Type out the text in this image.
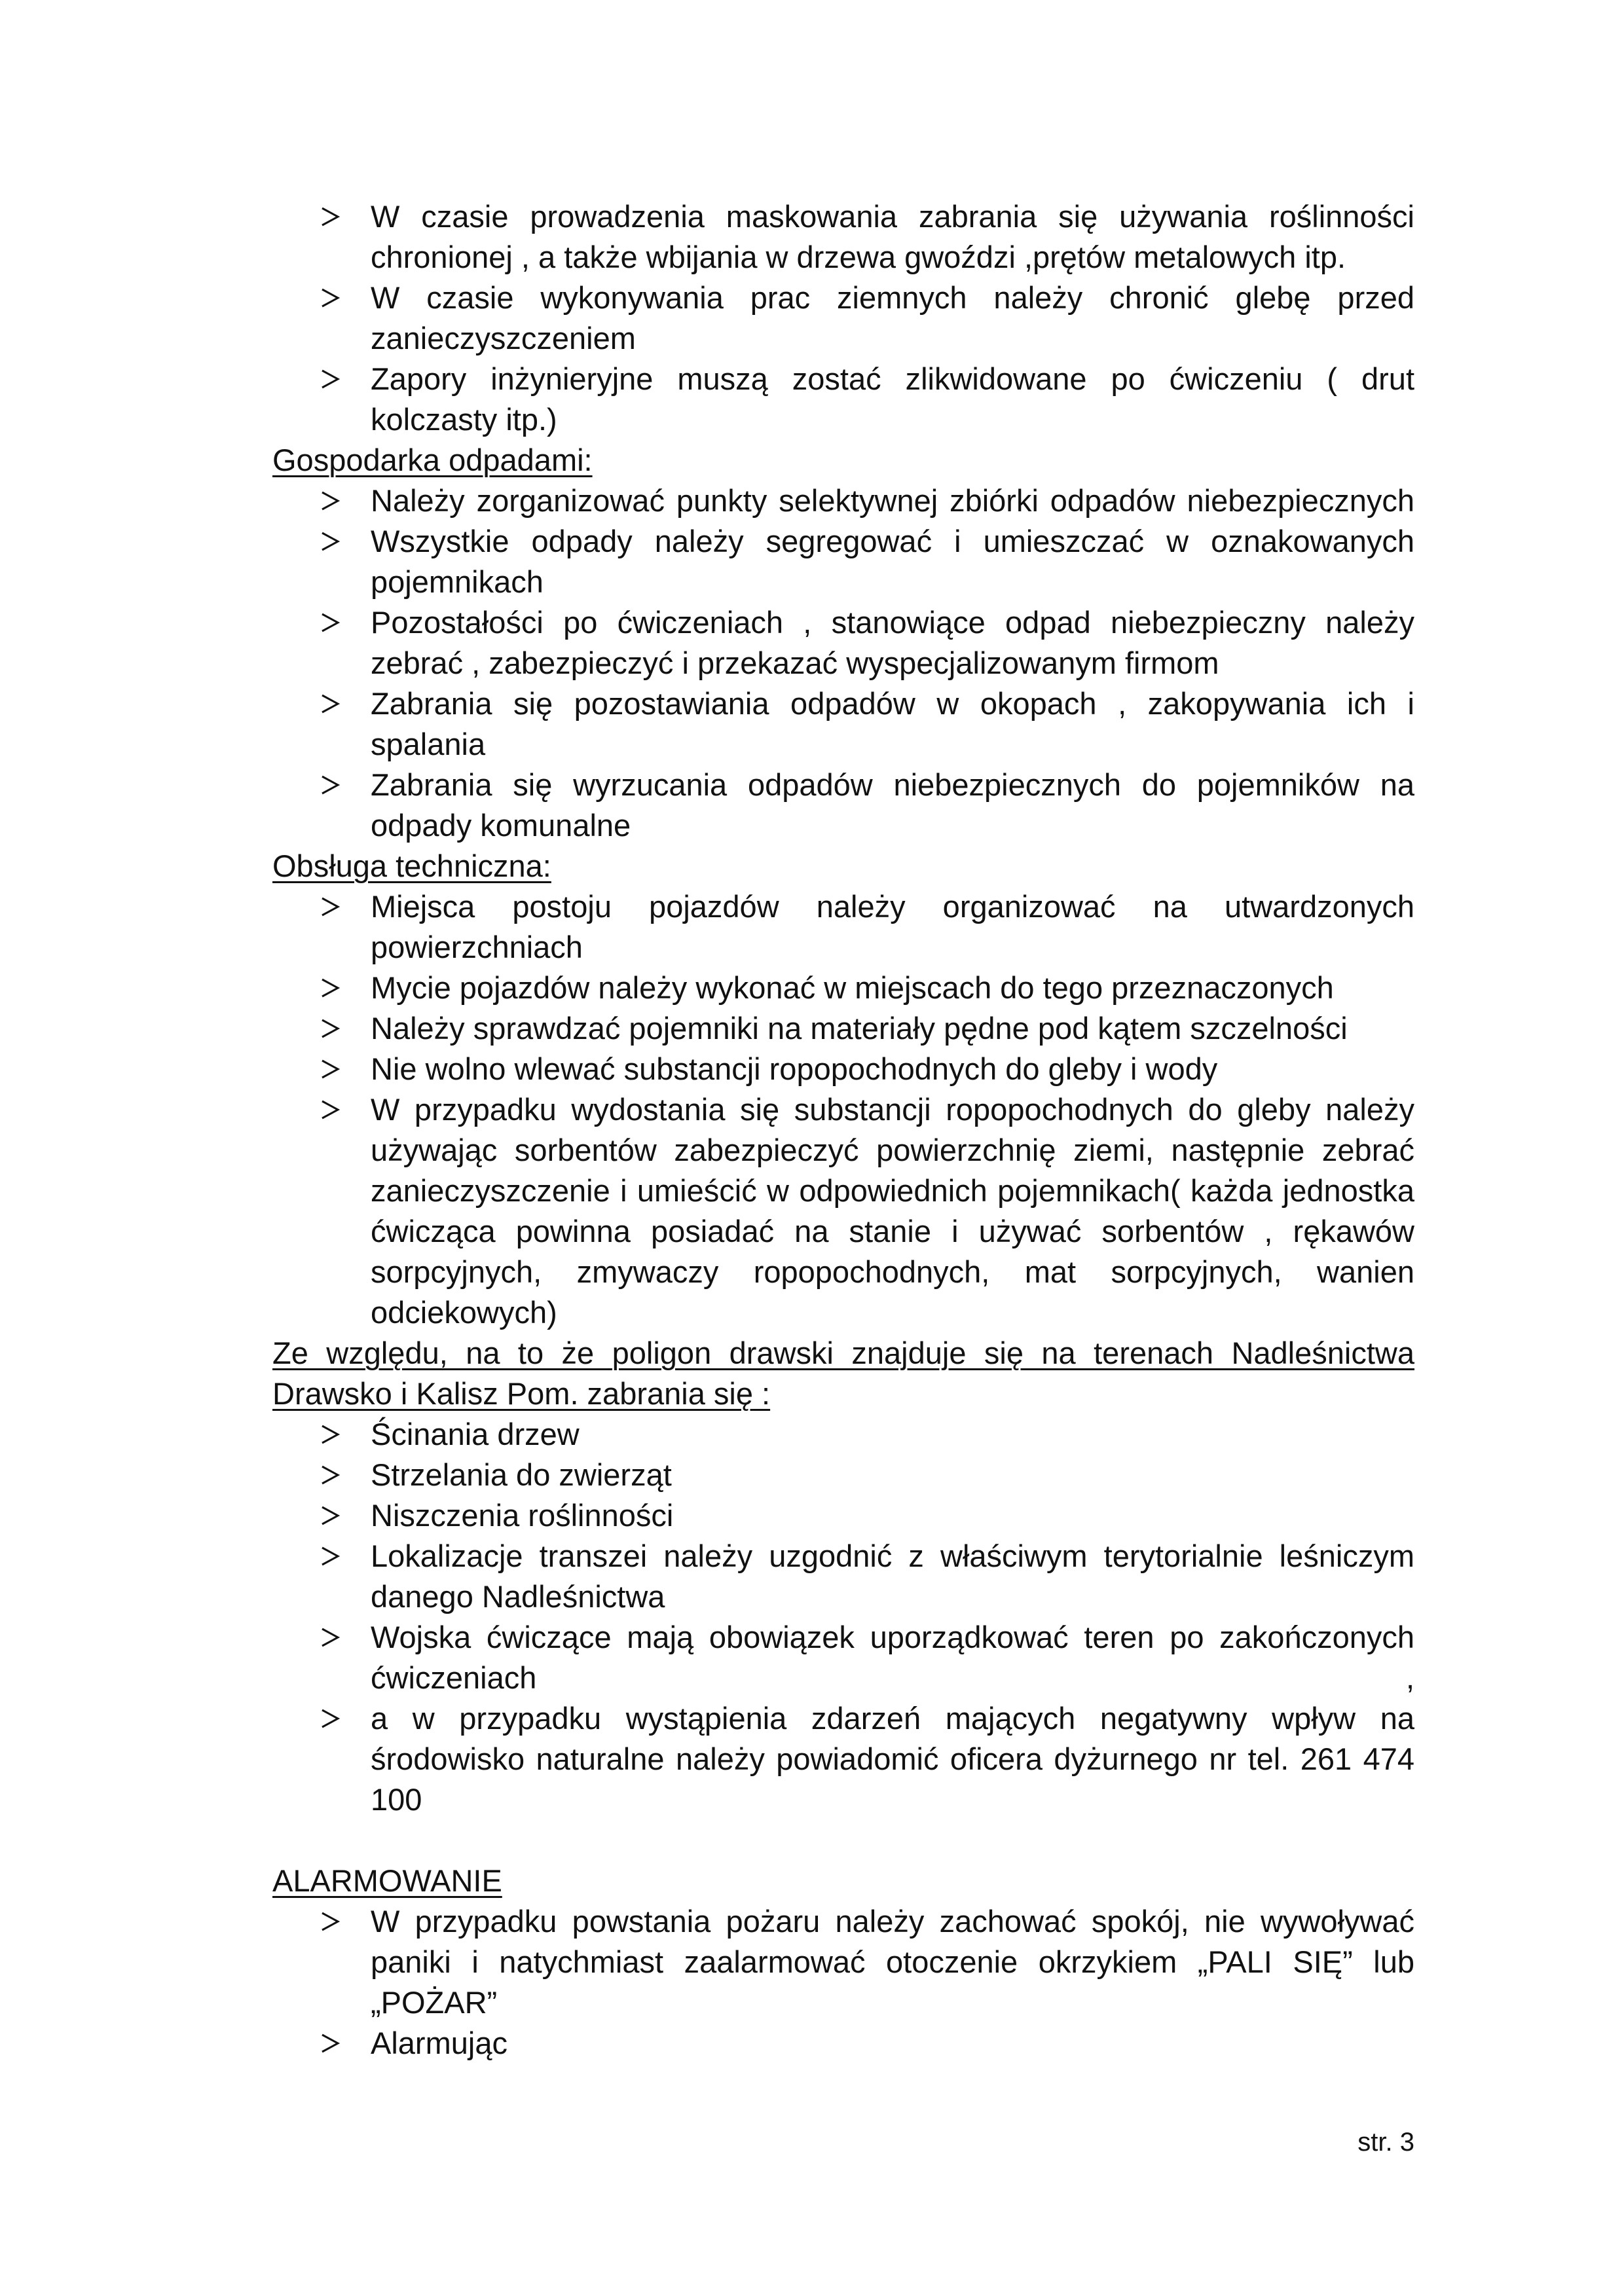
W czasie prowadzenia maskowania zabrania się używania roślinności chronionej , a także wbijania w drzewa gwoździ ,prętów metalowych itp.
W czasie wykonywania prac ziemnych należy chronić glebę przed zanieczyszczeniem
Zapory inżynieryjne muszą zostać zlikwidowane po ćwiczeniu ( drut kolczasty itp.)

Gospodarka odpadami:

Należy zorganizować punkty selektywnej zbiórki odpadów niebezpiecznych
Wszystkie odpady należy segregować i umieszczać w oznakowanych pojemnikach
Pozostałości po ćwiczeniach , stanowiące odpad niebezpieczny należy zebrać , zabezpieczyć i przekazać wyspecjalizowanym firmom
Zabrania się pozostawiania odpadów w okopach , zakopywania ich i spalania
Zabrania się wyrzucania odpadów niebezpiecznych do pojemników na odpady komunalne

Obsługa techniczna:

Miejsca postoju pojazdów należy organizować na utwardzonych powierzchniach
Mycie pojazdów należy wykonać w miejscach do tego przeznaczonych
Należy sprawdzać pojemniki na materiały pędne pod kątem szczelności
Nie wolno wlewać substancji ropopochodnych do gleby i wody
W przypadku wydostania się substancji ropopochodnych do gleby należy używając sorbentów zabezpieczyć powierzchnię ziemi, następnie zebrać zanieczyszczenie i umieścić w odpowiednich pojemnikach( każda jednostka ćwicząca powinna posiadać na stanie i używać sorbentów , rękawów sorpcyjnych, zmywaczy ropopochodnych, mat sorpcyjnych, wanien odciekowych)

Ze względu, na to że poligon drawski znajduje się na terenach Nadleśnictwa Drawsko i Kalisz Pom. zabrania się :

Ścinania drzew
Strzelania do zwierząt
Niszczenia roślinności
Lokalizacje transzei należy uzgodnić z właściwym terytorialnie leśniczym danego Nadleśnictwa
Wojska ćwiczące mają obowiązek uporządkować teren po zakończonych ćwiczeniach ,
a w przypadku wystąpienia zdarzeń mających negatywny wpływ na środowisko naturalne należy powiadomić oficera dyżurnego nr tel. 261 474 100

ALARMOWANIE

W przypadku powstania pożaru należy zachować spokój, nie wywoływać paniki i natychmiast zaalarmować otoczenie okrzykiem „PALI SIĘ” lub „POŻAR”
Alarmując
str. 3
